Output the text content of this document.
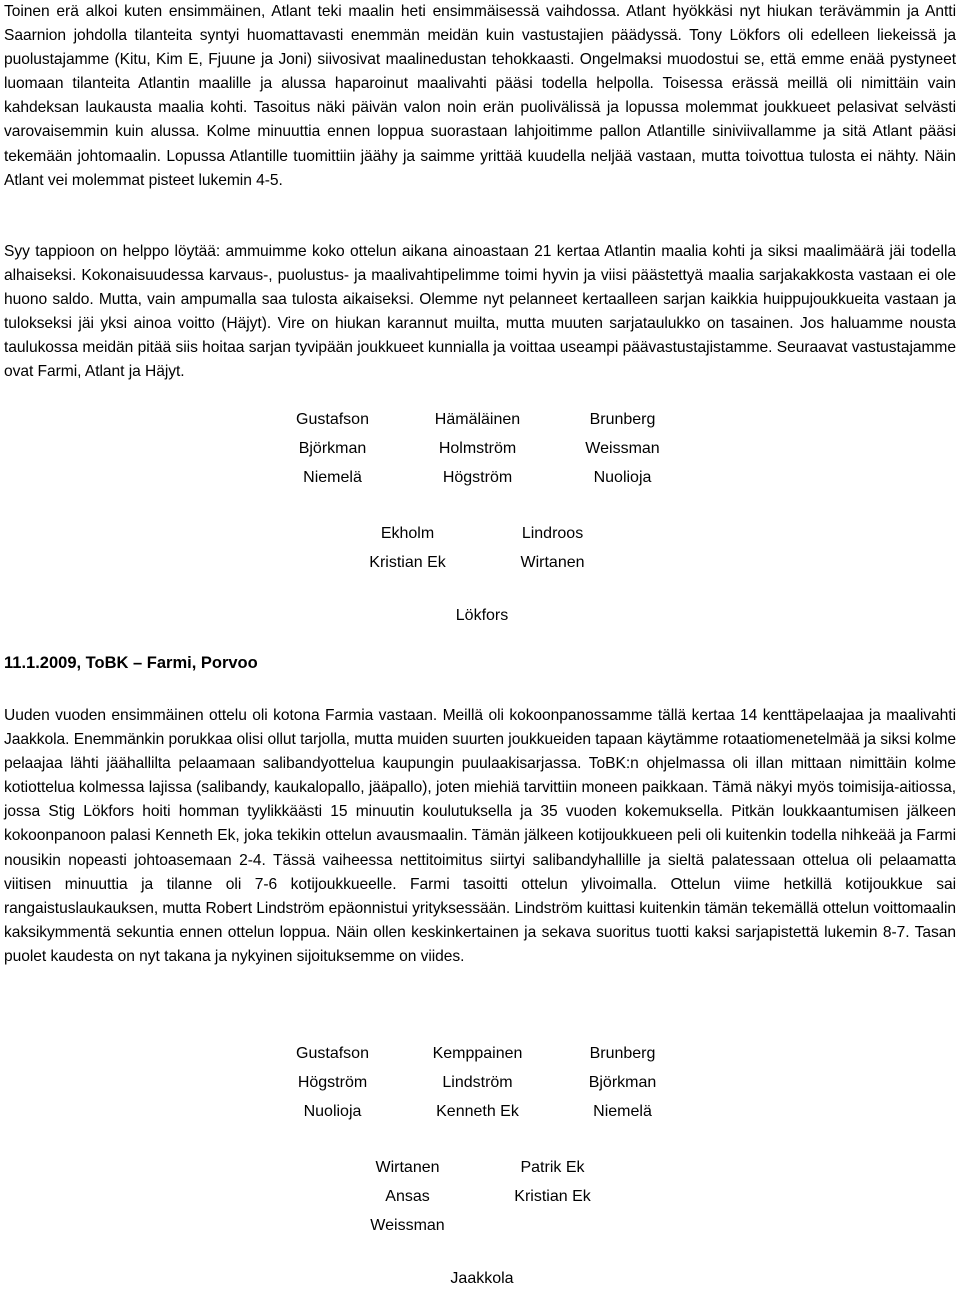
Toinen erä alkoi kuten ensimmäinen, Atlant teki maalin heti ensimmäisessä vaihdossa. Atlant hyökkäsi nyt hiukan terävämmin ja Antti Saarnion johdolla tilanteita syntyi huomattavasti enemmän meidän kuin vastustajien päädyssä. Tony Lökfors oli edelleen liekeissä ja puolustajamme (Kitu, Kim E, Fjuune ja Joni) siivosivat maalinedustan tehokkaasti. Ongelmaksi muodostui se, että emme enää pystyneet luomaan tilanteita Atlantin maalille ja alussa haparoinut maalivahti pääsi todella helpolla. Toisessa erässä meillä oli nimittäin vain kahdeksan laukausta maalia kohti. Tasoitus näki päivän valon noin erän puolivälissä ja lopussa molemmat joukkueet pelasivat selvästi varovaisemmin kuin alussa. Kolme minuuttia ennen loppua suorastaan lahjoitimme pallon Atlantille siniviivallamme ja sitä Atlant pääsi tekemään johtomaalin. Lopussa Atlantille tuomittiin jäähy ja saimme yrittää kuudella neljää vastaan, mutta toivottua tulosta ei nähty. Näin Atlant vei molemmat pisteet lukemin 4-5.

Syy tappioon on helppo löytää: ammuimme koko ottelun aikana ainoastaan 21 kertaa Atlantin maalia kohti ja siksi maalimäärä jäi todella alhaiseksi. Kokonaisuudessa karvaus-, puolustus- ja maalivahtipelimme toimi hyvin ja viisi päästettyä maalia sarjakakkosta vastaan ei ole huono saldo. Mutta, vain ampumalla saa tulosta aikaiseksi. Olemme nyt pelanneet kertaalleen sarjan kaikkia huippujoukkueita vastaan ja tulokseksi jäi yksi ainoa voitto (Häjyt). Vire on hiukan karannut muilta, mutta muuten sarjataulukko on tasainen. Jos haluamme nousta taulukossa meidän pitää siis hoitaa sarjan tyvipään joukkueet kunnialla ja voittaa useampi päävastustajistamme. Seuraavat vastustajamme ovat Farmi, Atlant ja Häjyt.

Gustafson	Hämäläinen	Brunberg
Björkman	Holmström	Weissman
Niemelä	Högström	Nuolioja
Ekholm	Lindroos
Kristian Ek	Wirtanen
Lökfors
11.1.2009, ToBK – Farmi, Porvoo

Uuden vuoden ensimmäinen ottelu oli kotona Farmia vastaan. Meillä oli kokoonpanossamme tällä kertaa 14 kenttäpelaajaa ja maalivahti Jaakkola. Enemmänkin porukkaa olisi ollut tarjolla, mutta muiden suurten joukkueiden tapaan käytämme rotaatiomenetelmää ja siksi kolme pelaajaa lähti jäähallilta pelaamaan salibandyottelua kaupungin puulaakisarjassa. ToBK:n ohjelmassa oli illan mittaan nimittäin kolme kotiottelua kolmessa lajissa (salibandy, kaukalopallo, jääpallo), joten miehiä tarvittiin moneen paikkaan. Tämä näkyi myös toimisija-aitiossa, jossa Stig Lökfors hoiti homman tyylikkäästi 15 minuutin koulutuksella ja 35 vuoden kokemuksella. Pitkän loukkaantumisen jälkeen kokoonpanoon palasi Kenneth Ek, joka tekikin ottelun avausmaalin. Tämän jälkeen kotijoukkueen peli oli kuitenkin todella nihkeää ja Farmi nousikin nopeasti johtoasemaan 2-4. Tässä vaiheessa nettitoimitus siirtyi salibandyhallille ja sieltä palatessaan ottelua oli pelaamatta viitisen minuuttia ja tilanne oli 7-6 kotijoukkueelle. Farmi tasoitti ottelun ylivoimalla. Ottelun viime hetkillä kotijoukkue sai rangaistuslaukauksen, mutta Robert Lindström epäonnistui yrityksessään. Lindström kuittasi kuitenkin tämän tekemällä ottelun voittomaalin kaksikymmentä sekuntia ennen ottelun loppua. Näin ollen keskinkertainen ja sekava suoritus tuotti kaksi sarjapistettä lukemin 8-7. Tasan puolet kaudesta on nyt takana ja nykyinen sijoituksemme on viides.

Gustafson	Kemppainen	Brunberg
Högström	Lindström	Björkman
Nuolioja	Kenneth Ek	Niemelä
Wirtanen	Patrik Ek
Ansas	Kristian Ek
Weissman
Jaakkola
